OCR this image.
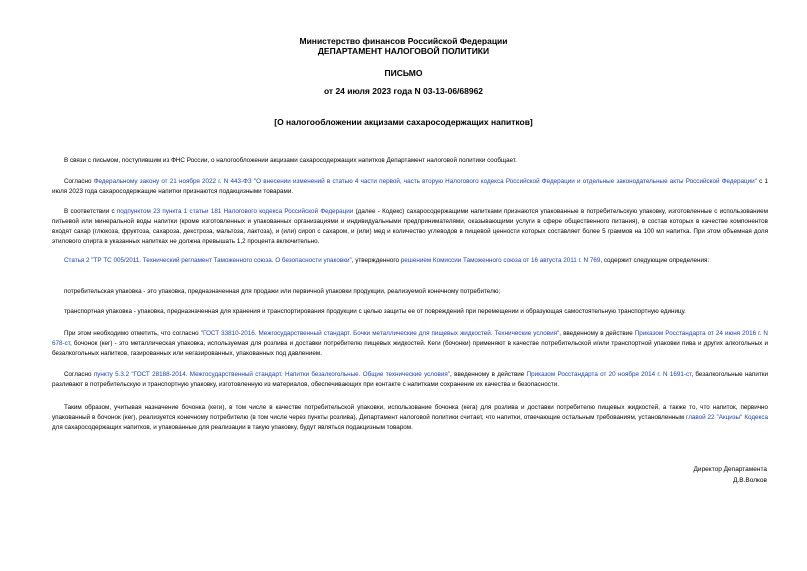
Министерство финансов Российской Федерации
ДЕПАРТАМЕНТ НАЛОГОВОЙ ПОЛИТИКИ
ПИСЬМО
от 24 июля 2023 года N 03-13-06/68962
[О налогообложении акцизами сахаросодержащих напитков]
В связи с письмом, поступившим из ФНС России, о налогообложении акцизами сахаросодержащих напитков Департамент налоговой политики сообщает.
Согласно Федеральному закону от 21 ноября 2022 г. N 443-ФЗ "О внесении изменений в статью 4 части первой, часть вторую Налогового кодекса Российской Федерации и отдельные законодательные акты Российской Федерации" с 1 июля 2023 года сахаросодержащие напитки признаются подакцизными товарами.
В соответствии с подпунктом 23 пункта 1 статьи 181 Налогового кодекса Российской Федерации (далее - Кодекс) сахаросодержащими напитками признаются упакованные в потребительскую упаковку, изготовленные с использованием питьевой или минеральной воды напитки (кроме изготовленных и упакованных организациями и индивидуальными предпринимателями, оказывающими услуги в сфере общественного питания), в состав которых в качестве компонентов входят сахар (глюкоза, фруктоза, сахароза, декстроза, мальтоза, лактоза), и (или) сироп с сахаром, и (или) мед и количество углеводов в пищевой ценности которых составляет более 5 граммов на 100 мл напитка. При этом объемная доля этилового спирта в указанных напитках не должна превышать 1,2 процента включительно.
Статья 2 "ТР ТС 005/2011. Технический регламент Таможенного союза. О безопасности упаковки", утвержденного решением Комиссии Таможенного союза от 16 августа 2011 г. N 769, содержит следующие определения:
потребительская упаковка - это упаковка, предназначенная для продажи или первичной упаковки продукции, реализуемой конечному потребителю;
транспортная упаковка - упаковка, предназначенная для хранения и транспортирования продукции с целью защиты ее от повреждений при перемещении и образующая самостоятельную транспортную единицу.
При этом необходимо отметить, что согласно "ГОСТ 33810-2016. Межгосударственный стандарт. Бочки металлические для пищевых жидкостей. Технические условия", введенному в действие Приказом Росстандарта от 24 июня 2016 г. N 678-ст, бочонок (кег) - это металлическая упаковка, используемая для розлива и доставки потребителю пищевых жидкостей. Кеги (бочонки) применяют в качестве потребительской и/или транспортной упаковки пива и других алкогольных и безалкогольных напитков, газированных или негазированных, упакованных под давлением.
Согласно пункту 5.3.2 "ГОСТ 28188-2014. Межгосударственный стандарт. Напитки безалкогольные. Общие технические условия", введенному в действие Приказом Росстандарта от 20 ноября 2014 г. N 1691-ст, безалкогольные напитки разливают в потребительскую и транспортную упаковку, изготовленную из материалов, обеспечивающих при контакте с напитками сохранение их качества и безопасности.
Таким образом, учитывая назначение бочонка (кеги), в том числе в качестве потребительской упаковки, использование бочонка (кега) для розлива и доставки потребителю пищевых жидкостей, а также то, что напиток, первично упакованный в бочонок (кег), реализуется конечному потребителю (в том числе через пункты розлива), Департамент налоговой политики считает, что напитки, отвечающие остальным требованиям, установленным главой 22 "Акцизы" Кодекса для сахаросодержащих напитков, и упакованные для реализации в такую упаковку, будут являться подакцизным товаром.
Директор Департамента
Д.В.Волков
